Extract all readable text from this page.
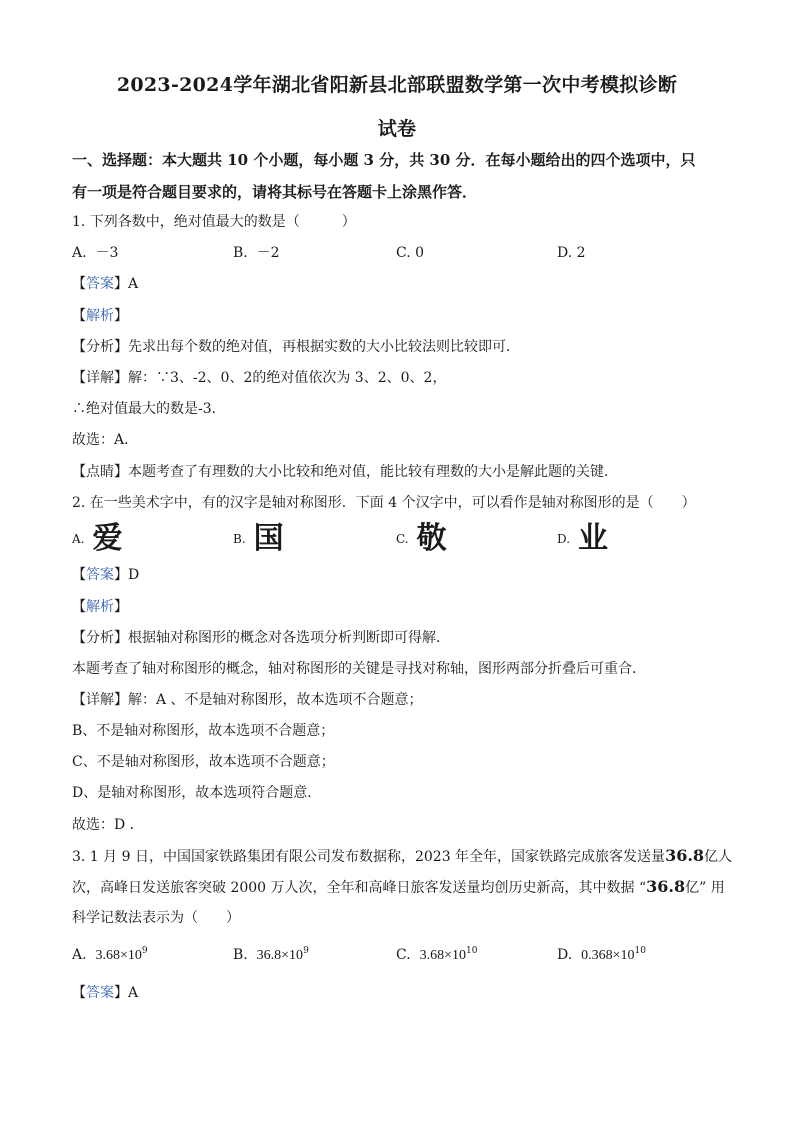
2023-2024学年湖北省阳新县北部联盟数学第一次中考模拟诊断
试卷
一、选择题：本大题共 10 个小题，每小题 3 分，共 30 分．在每小题给出的四个选项中，只
有一项是符合题目要求的，请将其标号在答题卡上涂黑作答．
1. 下列各数中，绝对值最大的数是（　　　）
A. －3	B. －2	C. 0	D. 2
【答案】A
【解析】
【分析】先求出每个数的绝对值，再根据实数的大小比较法则比较即可．
【详解】解：∵3、-2、0、2的绝对值依次为 3、2、0、2，
∴绝对值最大的数是-3．
故选：A．
【点睛】本题考查了有理数的大小比较和绝对值，能比较有理数的大小是解此题的关键．
2. 在一些美术字中，有的汉字是轴对称图形．下面 4 个汉字中，可以看作是轴对称图形的是（　　）
A. 爱	B. 国	C. 敬	D. 业
【答案】D
【解析】
【分析】根据轴对称图形的概念对各选项分析判断即可得解．
本题考查了轴对称图形的概念，轴对称图形的关键是寻找对称轴，图形两部分折叠后可重合．
【详解】解：A 、不是轴对称图形，故本选项不合题意；
B、不是轴对称图形，故本选项不合题意；
C、不是轴对称图形，故本选项不合题意；
D、是轴对称图形，故本选项符合题意．
故选：D ．
3. 1 月 9 日，中国国家铁路集团有限公司发布数据称，2023 年全年，国家铁路完成旅客发送量36.8亿人
次，高峰日发送旅客突破 2000 万人次，全年和高峰日旅客发送量均创历史新高，其中数据 “36.8亿” 用
科学记数法表示为（　　）
A. $3.68\times 10^9$	B. $36.8\times 10^9$	C. $3.68\times 10^{10}$	D. $0.368\times 10^{10}$
【答案】A
